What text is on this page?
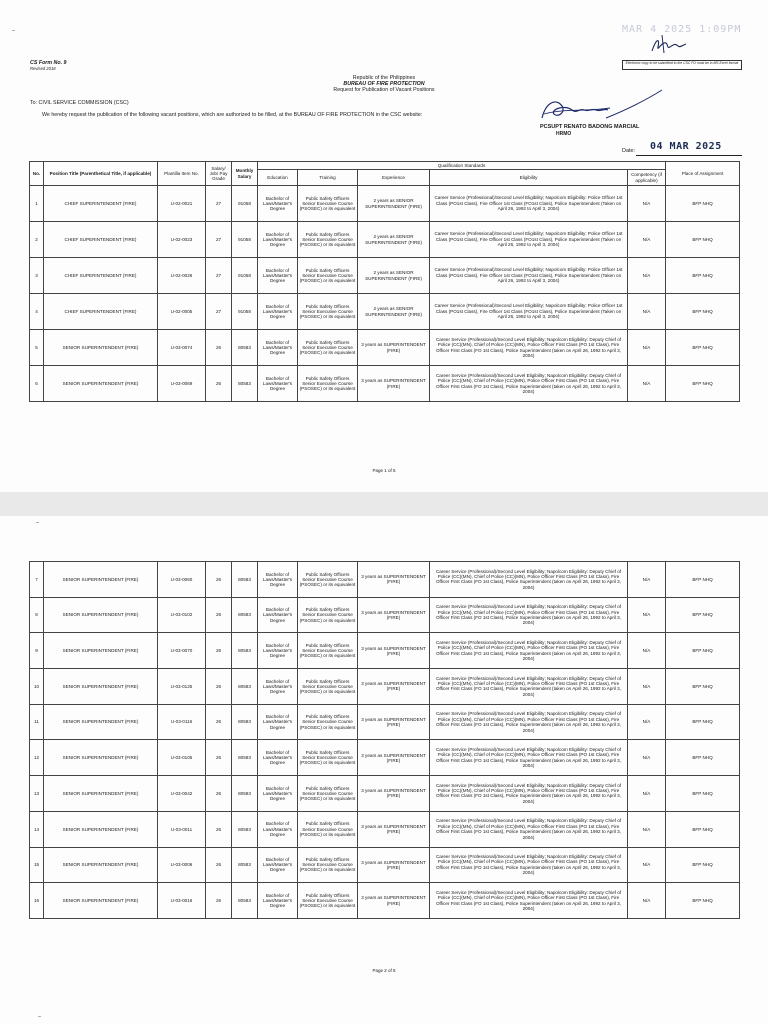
MAR 4 2025 1:09PM
Electronic copy to be submitted to the CSC FO must be in MS Excel format
CS Form No. 9
Revised 2018
Republic of the Philippines
BUREAU OF FIRE PROTECTION
Request for Publication of Vacant Positions
To: CIVIL SERVICE COMMISSION (CSC)
We hereby request the publication of the following vacant positions, which are authorized to be filled, at the BUREAU OF FIRE PROTECTION in the CSC website:
PCSUPT RENATO BADONG MARCIAL
HRMO
Date: 04 MAR 2025
No.	Position Title (Parenthetical Title, if applicable)	Plantilla Item No.	Salary/ Job/ Pay Grade	Monthly Salary	Qualification Standards					Place of Assignment
					Education	Training	Experience	Eligibility	Competency (if applicable)	
1	CHIEF SUPERINTENDENT (FIRE)	U-02-0021	27	91058	Bachelor of Laws/Master's Degree	Public Safety Officers Senior Executive Course (PSOSEC) or its equivalent	2 years as SENIOR SUPERINTENDENT (FIRE)	Career Service (Professional)/Second Level Eligibility; Napolcom Eligibility: Police Officer 1st Class (PO1st Class), Fire Officer 1st Class (FO1st Class), Police Superintendent (Taken on April 26, 1992 to April 3, 2004)	N/A	BFP NHQ
2	CHIEF SUPERINTENDENT (FIRE)	U-02-0023	27	91058	Bachelor of Laws/Master's Degree	Public Safety Officers Senior Executive Course (PSOSEC) or its equivalent	2 years as SENIOR SUPERINTENDENT (FIRE)	Career Service (Professional)/Second Level Eligibility; Napolcom Eligibility: Police Officer 1st Class (PO1st Class), Fire Officer 1st Class (FO1st Class), Police Superintendent (Taken on April 26, 1992 to April 3, 2004)	N/A	BFP NHQ
3	CHIEF SUPERINTENDENT (FIRE)	U-02-0026	27	91058	Bachelor of Laws/Master's Degree	Public Safety Officers Senior Executive Course (PSOSEC) or its equivalent	2 years as SENIOR SUPERINTENDENT (FIRE)	Career Service (Professional)/Second Level Eligibility; Napolcom Eligibility: Police Officer 1st Class (PO1st Class), Fire Officer 1st Class (FO1st Class), Police Superintendent (Taken on April 26, 1992 to April 3, 2004)	N/A	BFP NHQ
4	CHIEF SUPERINTENDENT (FIRE)	U-02-0005	27	91058	Bachelor of Laws/Master's Degree	Public Safety Officers Senior Executive Course (PSOSEC) or its equivalent	2 years as SENIOR SUPERINTENDENT (FIRE)	Career Service (Professional)/Second Level Eligibility; Napolcom Eligibility: Police Officer 1st Class (PO1st Class), Fire Officer 1st Class (FO1st Class), Police Superintendent (Taken on April 26, 1992 to April 3, 2004)	N/A	BFP NHQ
5	SENIOR SUPERINTENDENT (FIRE)	U-03-0074	26	80583	Bachelor of Laws/Master's Degree	Public Safety Officers Senior Executive Course (PSOSEC) or its equivalent	3 years as SUPERINTENDENT (FIRE)	Career Service (Professional)/Second Level Eligibility; Napolcom Eligibility: Deputy Chief of Police (CC)(MN), Chief of Police (CC)(MN), Police Officer First Class (PO 1st Class), Fire Officer First Class (FO 1st Class), Police Superintendent (taken on April 26, 1992 to April 3, 2004)	N/A	BFP NHQ
6	SENIOR SUPERINTENDENT (FIRE)	U-03-0069	26	80583	Bachelor of Laws/Master's Degree	Public Safety Officers Senior Executive Course (PSOSEC) or its equivalent	3 years as SUPERINTENDENT (FIRE)	Career Service (Professional)/Second Level Eligibility; Napolcom Eligibility: Deputy Chief of Police (CC)(MN), Chief of Police (CC)(MN), Police Officer First Class (PO 1st Class), Fire Officer First Class (FO 1st Class), Police Superintendent (taken on April 26, 1992 to April 3, 2004)	N/A	BFP NHQ
Page 1 of 5
7	SENIOR SUPERINTENDENT (FIRE)	U-03-0060	26	80583	Bachelor of Laws/Master's Degree	Public Safety Officers Senior Executive Course (PSOSEC) or its equivalent	3 years as SUPERINTENDENT (FIRE)	Career Service (Professional)/Second Level Eligibility; Napolcom Eligibility: Deputy Chief of Police (CC)(MN), Chief of Police (CC)(MN), Police Officer First Class (PO 1st Class), Fire Officer First Class (FO 1st Class), Police Superintendent (taken on April 26, 1992 to April 3, 2004)	N/A	BFP NHQ
8	SENIOR SUPERINTENDENT (FIRE)	U-03-0102	26	80583	Bachelor of Laws/Master's Degree	Public Safety Officers Senior Executive Course (PSOSEC) or its equivalent	3 years as SUPERINTENDENT (FIRE)	Career Service (Professional)/Second Level Eligibility; Napolcom Eligibility: Deputy Chief of Police (CC)(MN), Chief of Police (CC)(MN), Police Officer First Class (PO 1st Class), Fire Officer First Class (FO 1st Class), Police Superintendent (taken on April 26, 1992 to April 3, 2004)	N/A	BFP NHQ
9	SENIOR SUPERINTENDENT (FIRE)	U-03-0070	26	80583	Bachelor of Laws/Master's Degree	Public Safety Officers Senior Executive Course (PSOSEC) or its equivalent	3 years as SUPERINTENDENT (FIRE)	Career Service (Professional)/Second Level Eligibility; Napolcom Eligibility: Deputy Chief of Police (CC)(MN), Chief of Police (CC)(MN), Police Officer First Class (PO 1st Class), Fire Officer First Class (FO 1st Class), Police Superintendent (taken on April 26, 1992 to April 3, 2004)	N/A	BFP NHQ
10	SENIOR SUPERINTENDENT (FIRE)	U-03-0125	26	80583	Bachelor of Laws/Master's Degree	Public Safety Officers Senior Executive Course (PSOSEC) or its equivalent	3 years as SUPERINTENDENT (FIRE)	Career Service (Professional)/Second Level Eligibility; Napolcom Eligibility: Deputy Chief of Police (CC)(MN), Chief of Police (CC)(MN), Police Officer First Class (PO 1st Class), Fire Officer First Class (FO 1st Class), Police Superintendent (taken on April 26, 1992 to April 3, 2004)	N/A	BFP NHQ
11	SENIOR SUPERINTENDENT (FIRE)	U-03-0116	26	80583	Bachelor of Laws/Master's Degree	Public Safety Officers Senior Executive Course (PSOSEC) or its equivalent	3 years as SUPERINTENDENT (FIRE)	Career Service (Professional)/Second Level Eligibility; Napolcom Eligibility: Deputy Chief of Police (CC)(MN), Chief of Police (CC)(MN), Police Officer First Class (PO 1st Class), Fire Officer First Class (FO 1st Class), Police Superintendent (taken on April 26, 1992 to April 3, 2004)	N/A	BFP NHQ
12	SENIOR SUPERINTENDENT (FIRE)	U-03-0105	26	80583	Bachelor of Laws/Master's Degree	Public Safety Officers Senior Executive Course (PSOSEC) or its equivalent	3 years as SUPERINTENDENT (FIRE)	Career Service (Professional)/Second Level Eligibility; Napolcom Eligibility: Deputy Chief of Police (CC)(MN), Chief of Police (CC)(MN), Police Officer First Class (PO 1st Class), Fire Officer First Class (FO 1st Class), Police Superintendent (taken on April 26, 1992 to April 3, 2004)	N/A	BFP NHQ
13	SENIOR SUPERINTENDENT (FIRE)	U-03-0042	26	80583	Bachelor of Laws/Master's Degree	Public Safety Officers Senior Executive Course (PSOSEC) or its equivalent	3 years as SUPERINTENDENT (FIRE)	Career Service (Professional)/Second Level Eligibility; Napolcom Eligibility: Deputy Chief of Police (CC)(MN), Chief of Police (CC)(MN), Police Officer First Class (PO 1st Class), Fire Officer First Class (FO 1st Class), Police Superintendent (taken on April 26, 1992 to April 3, 2004)	N/A	BFP NHQ
14	SENIOR SUPERINTENDENT (FIRE)	U-03-0011	26	80583	Bachelor of Laws/Master's Degree	Public Safety Officers Senior Executive Course (PSOSEC) or its equivalent	3 years as SUPERINTENDENT (FIRE)	Career Service (Professional)/Second Level Eligibility; Napolcom Eligibility: Deputy Chief of Police (CC)(MN), Chief of Police (CC)(MN), Police Officer First Class (PO 1st Class), Fire Officer First Class (FO 1st Class), Police Superintendent (taken on April 26, 1992 to April 3, 2004)	N/A	BFP NHQ
15	SENIOR SUPERINTENDENT (FIRE)	U-03-0006	26	80583	Bachelor of Laws/Master's Degree	Public Safety Officers Senior Executive Course (PSOSEC) or its equivalent	3 years as SUPERINTENDENT (FIRE)	Career Service (Professional)/Second Level Eligibility; Napolcom Eligibility: Deputy Chief of Police (CC)(MN), Chief of Police (CC)(MN), Police Officer First Class (PO 1st Class), Fire Officer First Class (FO 1st Class), Police Superintendent (taken on April 26, 1992 to April 3, 2004)	N/A	BFP NHQ
16	SENIOR SUPERINTENDENT (FIRE)	U-03-0016	26	80583	Bachelor of Laws/Master's Degree	Public Safety Officers Senior Executive Course (PSOSEC) or its equivalent	3 years as SUPERINTENDENT (FIRE)	Career Service (Professional)/Second Level Eligibility; Napolcom Eligibility: Deputy Chief of Police (CC)(MN), Chief of Police (CC)(MN), Police Officer First Class (PO 1st Class), Fire Officer First Class (FO 1st Class), Police Superintendent (taken on April 26, 1992 to April 3, 2004)	N/A	BFP NHQ
Page 2 of 5
